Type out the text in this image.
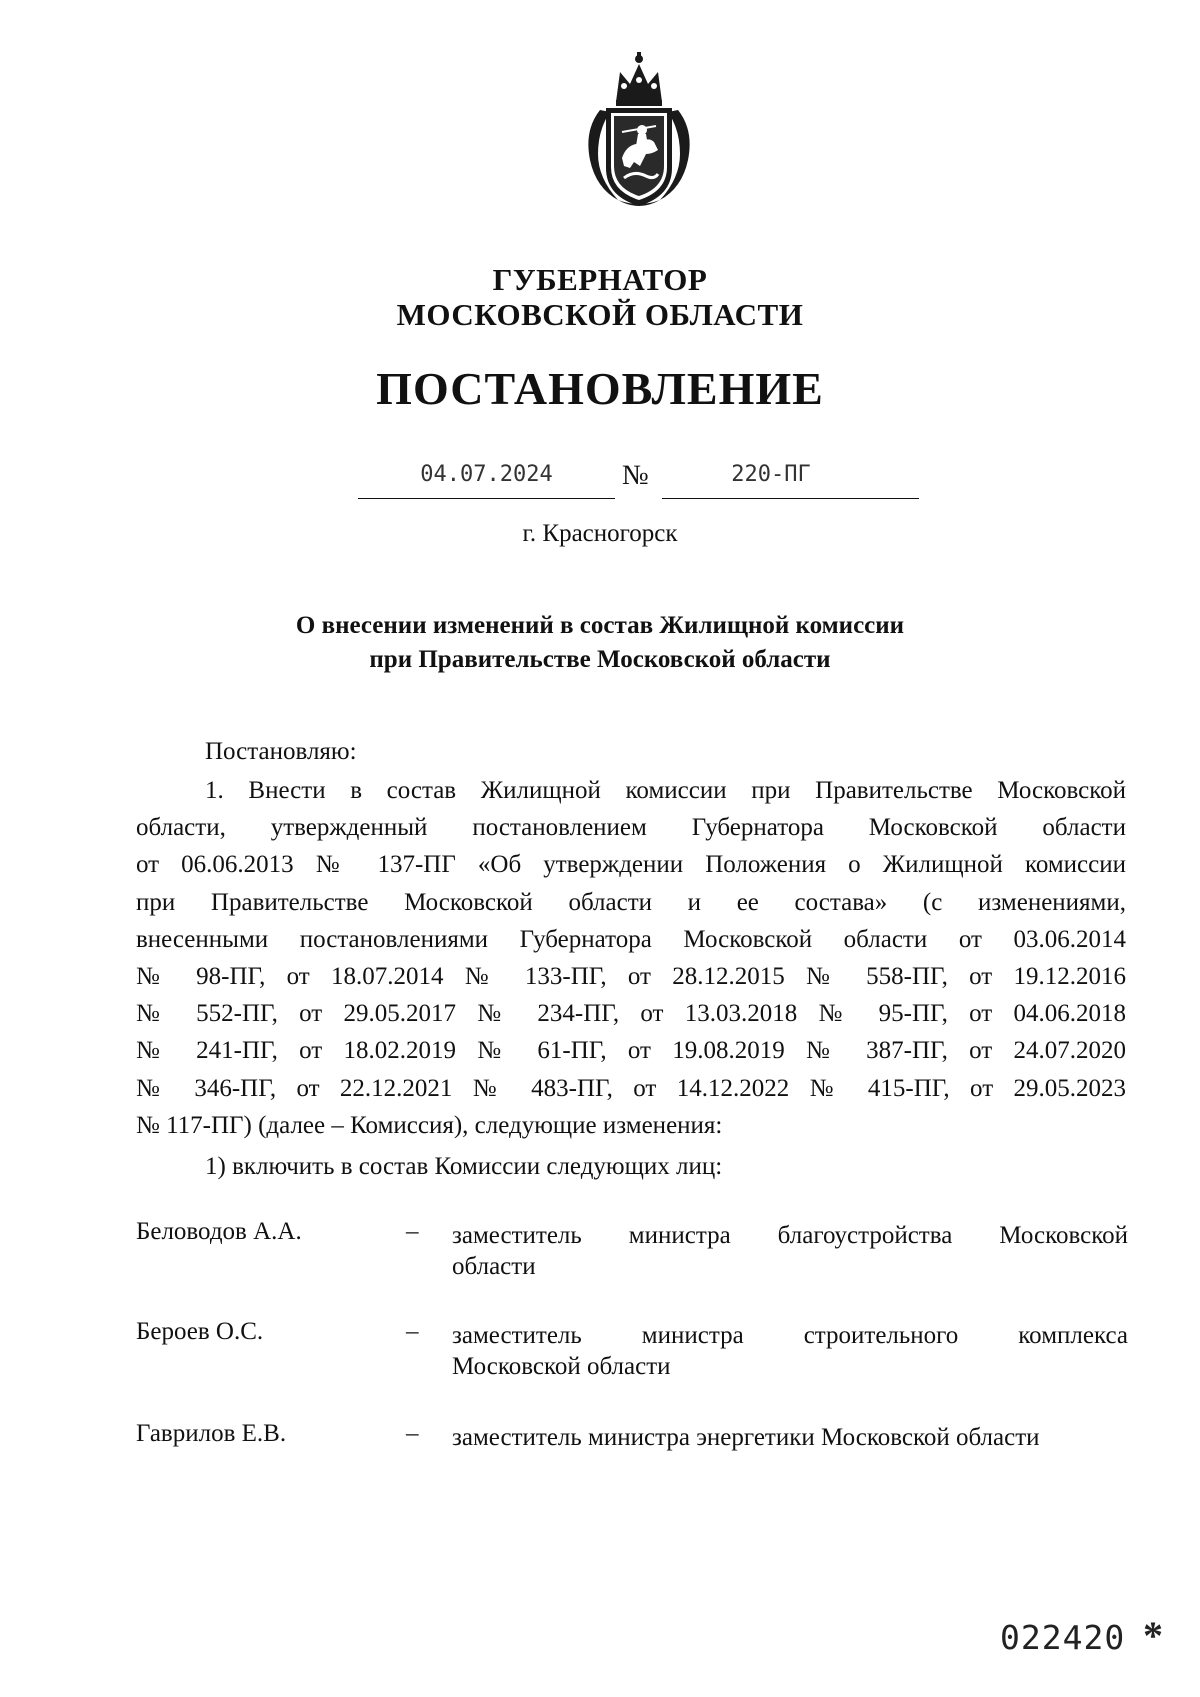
ГУБЕРНАТОР
МОСКОВСКОЙ ОБЛАСТИ
ПОСТАНОВЛЕНИЕ
04.07.2024	№	220-ПГ
г. Красногорск
О внесении изменений в состав Жилищной комиссии
при Правительстве Московской области
Постановляю:
1. Внести в состав Жилищной комиссии при Правительстве Московской
области, утвержденный постановлением Губернатора Московской области
от 06.06.2013 № 137-ПГ «Об утверждении Положения о Жилищной комиссии
при Правительстве Московской области и ее состава» (с изменениями,
внесенными постановлениями Губернатора Московской области от 03.06.2014
№ 98-ПГ, от 18.07.2014 № 133-ПГ, от 28.12.2015 № 558-ПГ, от 19.12.2016
№ 552-ПГ, от 29.05.2017 № 234-ПГ, от 13.03.2018 № 95-ПГ, от 04.06.2018
№ 241-ПГ, от 18.02.2019 № 61-ПГ, от 19.08.2019 № 387-ПГ, от 24.07.2020
№ 346-ПГ, от 22.12.2021 № 483-ПГ, от 14.12.2022 № 415-ПГ, от 29.05.2023
№ 117-ПГ) (далее – Комиссия), следующие изменения:
1) включить в состав Комиссии следующих лиц:
Беловодов А.А.	– заместитель министра благоустройства Московской
области
Бероев О.С.	– заместитель министра строительного комплекса
Московской области
Гаврилов Е.В.	– заместитель министра энергетики Московской области
022420 *
